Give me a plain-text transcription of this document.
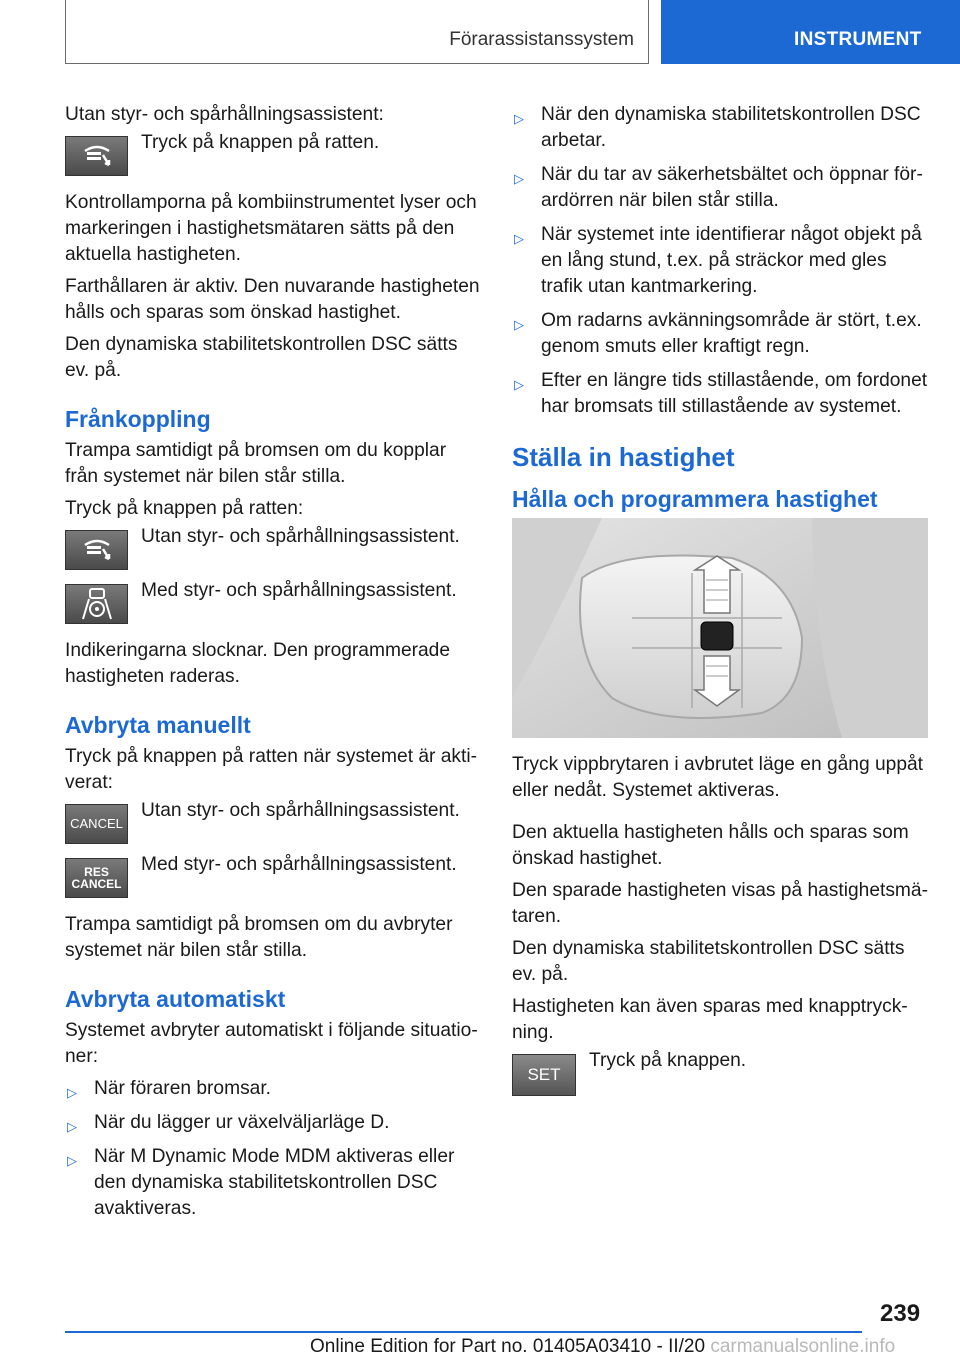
Förarassistanssystem	INSTRUMENT

Utan styr- och spårhållningsassistent:

Tryck på knappen på ratten.

Kontrollamporna på kombiinstrumentet lyser och markeringen i hastighetsmätaren sätts på den aktuella hastigheten.

Farthållaren är aktiv. Den nuvarande hastigheten hålls och sparas som önskad hastighet.

Den dynamiska stabilitetskontrollen DSC sätts ev. på.

Frånkoppling

Trampa samtidigt på bromsen om du kopplar från systemet när bilen står stilla.

Tryck på knappen på ratten:

Utan styr- och spårhållningsassistent.
Med styr- och spårhållningsassistent.

Indikeringarna slocknar. Den programmerade hastigheten raderas.

Avbryta manuellt

Tryck på knappen på ratten när systemet är aktiverat:

CANCEL
Utan styr- och spårhållningsassistent.
RES
CANCEL
Med styr- och spårhållningsassistent.

Trampa samtidigt på bromsen om du avbryter systemet när bilen står stilla.

Avbryta automatiskt

Systemet avbryter automatiskt i följande situationer:

▷ När föraren bromsar.
▷ När du lägger ur växelväljarläge D.
▷ När M Dynamic Mode MDM aktiveras eller den dynamiska stabilitetskontrollen DSC avaktiveras.
▷ När den dynamiska stabilitetskontrollen DSC arbetar.
▷ När du tar av säkerhetsbältet och öppnar förardörren när bilen står stilla.
▷ När systemet inte identifierar något objekt på en lång stund, t.ex. på sträckor med gles trafik utan kantmarkering.
▷ Om radarns avkänningsområde är stört, t.ex. genom smuts eller kraftigt regn.
▷ Efter en längre tids stillastående, om fordonet har bromsats till stillastående av systemet.
Ställa in hastighet
Hålla och programmera hastighet

Tryck vippbrytaren i avbrutet läge en gång uppåt eller nedåt. Systemet aktiveras.

Den aktuella hastigheten hålls och sparas som önskad hastighet.

Den sparade hastigheten visas på hastighetsmätaren.

Den dynamiska stabilitetskontrollen DSC sätts ev. på.

Hastigheten kan även sparas med knapptryckning.

SET
Tryck på knappen.
239
Online Edition for Part no. 01405A03410 - II/20 carmanualsonline.info
